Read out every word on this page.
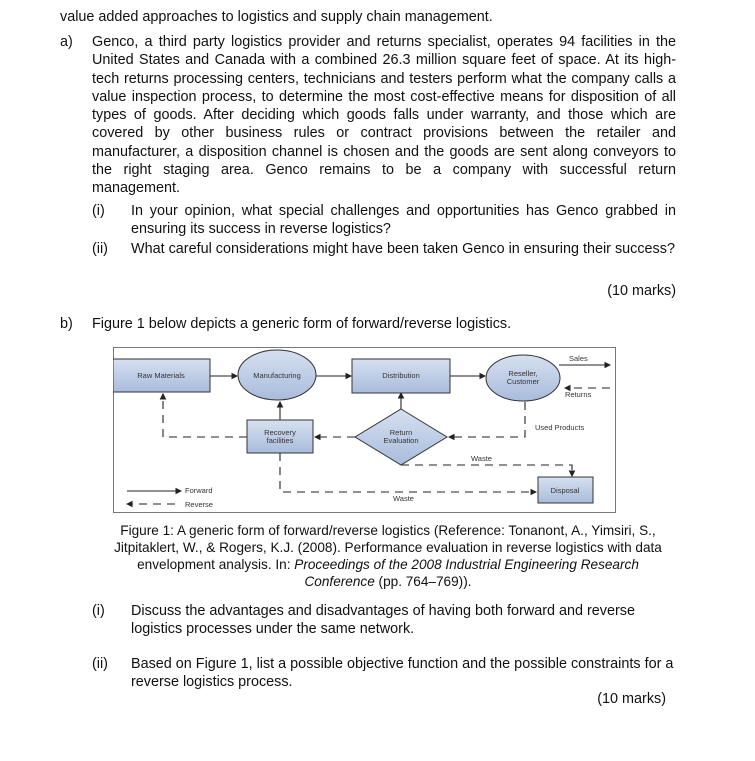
value added approaches to logistics and supply chain management.
a) Genco, a third party logistics provider and returns specialist, operates 94 facilities in the United States and Canada with a combined 26.3 million square feet of space. At its high-tech returns processing centers, technicians and testers perform what the company calls a value inspection process, to determine the most cost-effective means for disposition of all types of goods. After deciding which goods falls under warranty, and those which are covered by other business rules or contract provisions between the retailer and manufacturer, a disposition channel is chosen and the goods are sent along conveyors to the right staging area. Genco remains to be a company with successful return management.
(i) In your opinion, what special challenges and opportunities has Genco grabbed in ensuring its success in reverse logistics?
(ii) What careful considerations might have been taken Genco in ensuring their success?
(10 marks)
b) Figure 1 below depicts a generic form of forward/reverse logistics.
Raw Materials	Manufacturing	Distribution	Reseller,
Customer
Recovery
facilities
Return
Evaluation
Disposal
Sales
Returns
Used Products
Waste
Waste
Forward
Reverse
Figure 1: A generic form of forward/reverse logistics (Reference: Tonanont, A., Yimsiri, S., Jitpitaklert, W., & Rogers, K.J. (2008). Performance evaluation in reverse logistics with data envelopment analysis. In: Proceedings of the 2008 Industrial Engineering Research Conference (pp. 764–769)).
(i) Discuss the advantages and disadvantages of having both forward and reverse logistics processes under the same network.
(ii) Based on Figure 1, list a possible objective function and the possible constraints for a reverse logistics process.
(10 marks)
